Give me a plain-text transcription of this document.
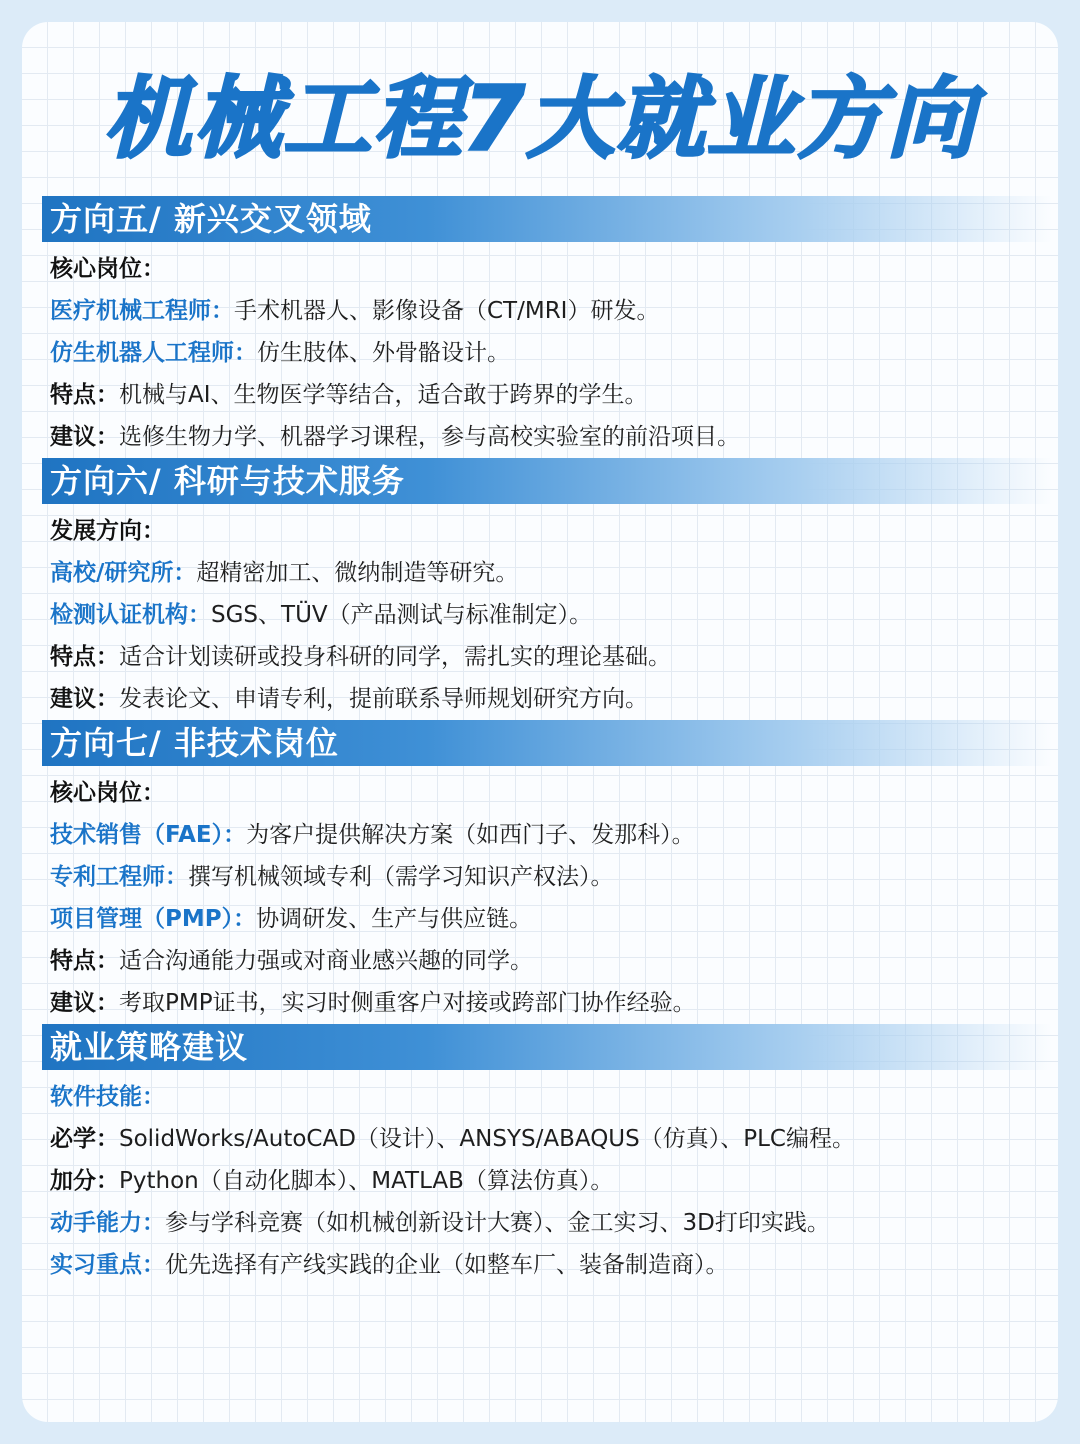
机械工程7大就业方向
方向五/ 新兴交叉领域
核心岗位：
医疗机械工程师：手术机器人、影像设备（CT/MRI）研发。
仿生机器人工程师：仿生肢体、外骨骼设计。
特点：机械与AI、生物医学等结合，适合敢于跨界的学生。
建议：选修生物力学、机器学习课程，参与高校实验室的前沿项目。
方向六/ 科研与技术服务
发展方向：
高校/研究所：超精密加工、微纳制造等研究。
检测认证机构：SGS、TÜV（产品测试与标准制定）。
特点：适合计划读研或投身科研的同学，需扎实的理论基础。
建议：发表论文、申请专利，提前联系导师规划研究方向。
方向七/ 非技术岗位
核心岗位：
技术销售（FAE）：为客户提供解决方案（如西门子、发那科）。
专利工程师：撰写机械领域专利（需学习知识产权法）。
项目管理（PMP）：协调研发、生产与供应链。
特点：适合沟通能力强或对商业感兴趣的同学。
建议：考取PMP证书，实习时侧重客户对接或跨部门协作经验。
就业策略建议
软件技能：
必学：SolidWorks/AutoCAD（设计）、ANSYS/ABAQUS（仿真）、PLC编程。
加分：Python（自动化脚本）、MATLAB（算法仿真）。
动手能力：参与学科竞赛（如机械创新设计大赛）、金工实习、3D打印实践。
实习重点：优先选择有产线实践的企业（如整车厂、装备制造商）。
